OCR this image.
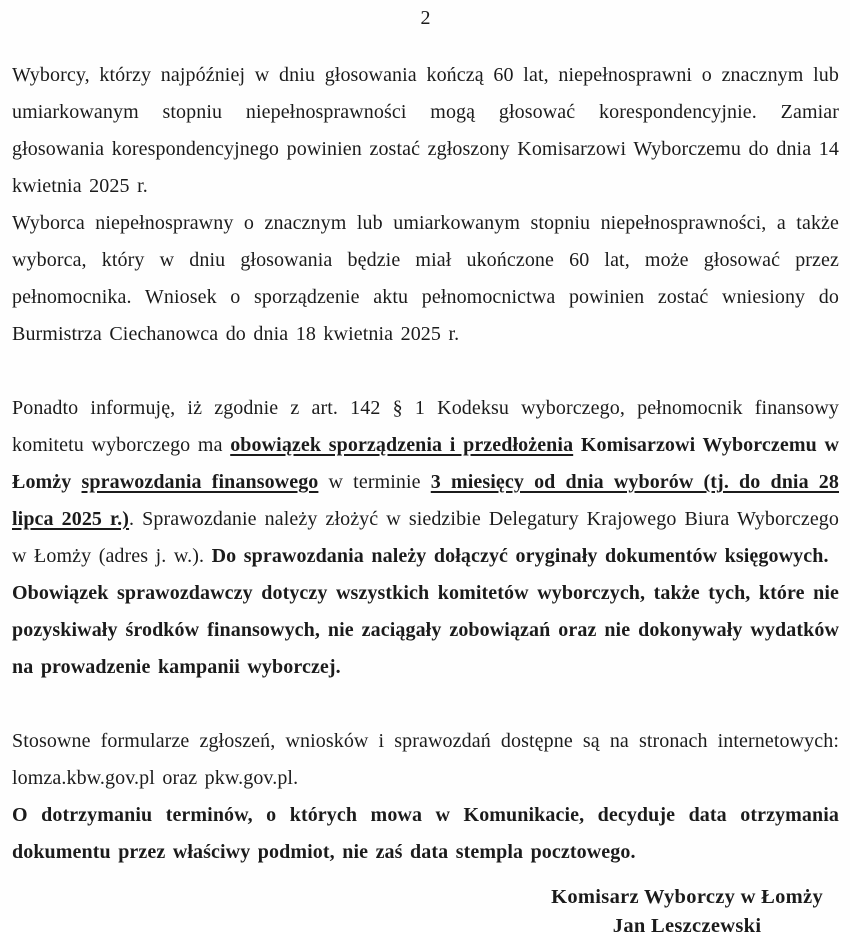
2

Wyborcy, którzy najpóźniej w dniu głosowania kończą 60 lat, niepełnosprawni o znacznym lub umiarkowanym stopniu niepełnosprawności mogą głosować korespondencyjnie. Zamiar głosowania korespondencyjnego powinien zostać zgłoszony Komisarzowi Wyborczemu do dnia 14 kwietnia 2025 r.

Wyborca niepełnosprawny o znacznym lub umiarkowanym stopniu niepełnosprawności, a także wyborca, który w dniu głosowania będzie miał ukończone 60 lat, może głosować przez pełnomocnika. Wniosek o sporządzenie aktu pełnomocnictwa powinien zostać wniesiony do Burmistrza Ciechanowca do dnia 18 kwietnia 2025 r.

Ponadto informuję, iż zgodnie z art. 142 § 1 Kodeksu wyborczego, pełnomocnik finansowy komitetu wyborczego ma obowiązek sporządzenia i przedłożenia Komisarzowi Wyborczemu w Łomży sprawozdania finansowego w terminie 3 miesięcy od dnia wyborów (tj. do dnia 28 lipca 2025 r.). Sprawozdanie należy złożyć w siedzibie Delegatury Krajowego Biura Wyborczego w Łomży (adres j. w.). Do sprawozdania należy dołączyć oryginały dokumentów księgowych.

Obowiązek sprawozdawczy dotyczy wszystkich komitetów wyborczych, także tych, które nie pozyskiwały środków finansowych, nie zaciągały zobowiązań oraz nie dokonywały wydatków na prowadzenie kampanii wyborczej.

Stosowne formularze zgłoszeń, wniosków i sprawozdań dostępne są na stronach internetowych: lomza.kbw.gov.pl oraz pkw.gov.pl.

O dotrzymaniu terminów, o których mowa w Komunikacie, decyduje data otrzymania dokumentu przez właściwy podmiot, nie zaś data stempla pocztowego.

Komisarz Wyborczy w Łomży
Jan Leszczewski
